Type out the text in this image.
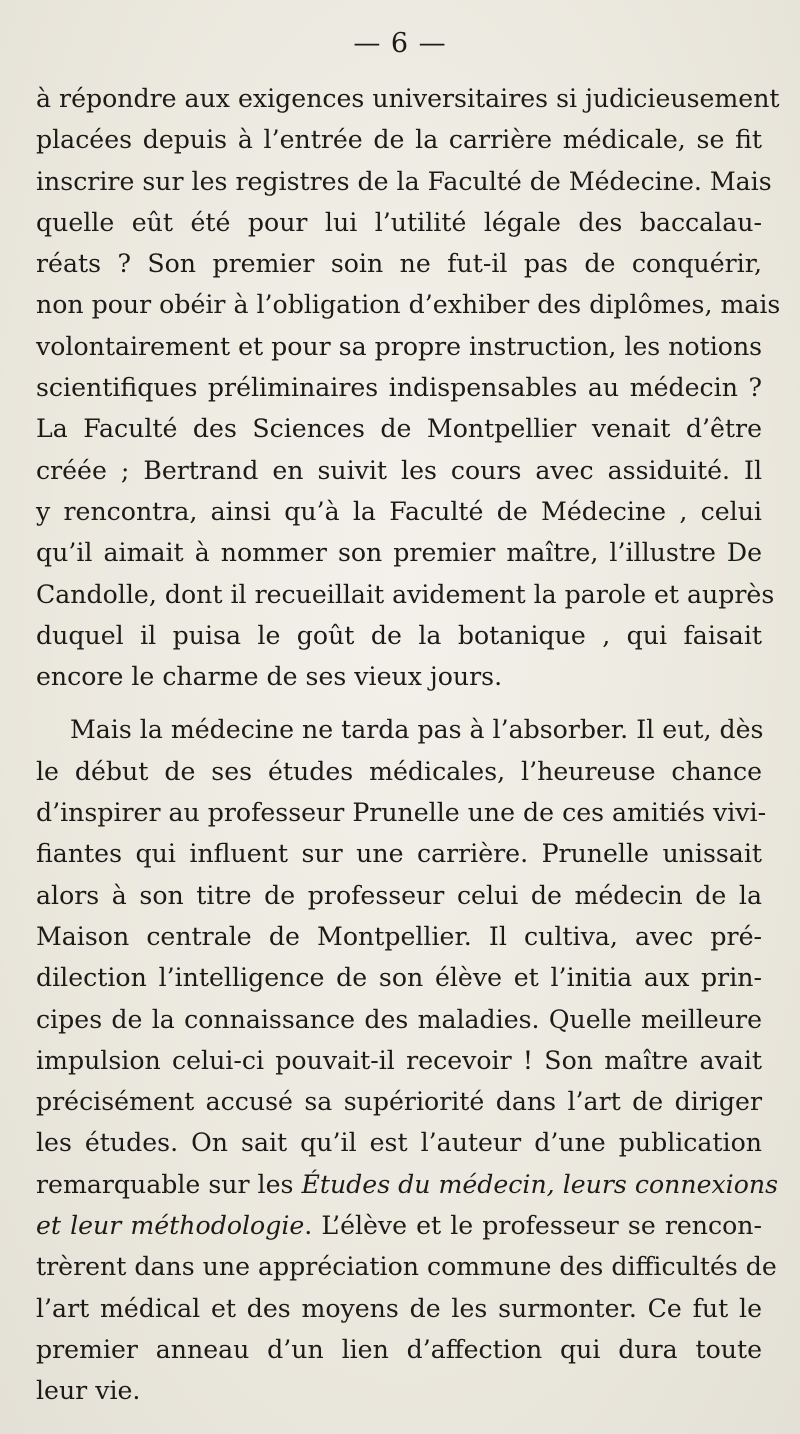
— 6 —
à répondre aux exigences universitaires si judicieusement
placées depuis à l’entrée de la carrière médicale, se fit
inscrire sur les registres de la Faculté de Médecine. Mais
quelle eût été pour lui l’utilité légale des baccalau-
réats ? Son premier soin ne fut-il pas de conquérir,
non pour obéir à l’obligation d’exhiber des diplômes, mais
volontairement et pour sa propre instruction, les notions
scientifiques préliminaires indispensables au médecin ?
La Faculté des Sciences de Montpellier venait d’être
créée ; Bertrand en suivit les cours avec assiduité. Il
y rencontra, ainsi qu’à la Faculté de Médecine , celui
qu’il aimait à nommer son premier maître, l’illustre De
Candolle, dont il recueillait avidement la parole et auprès
duquel il puisa le goût de la botanique , qui faisait
encore le charme de ses vieux jours.
Mais la médecine ne tarda pas à l’absorber. Il eut, dès
le début de ses études médicales, l’heureuse chance
d’inspirer au professeur Prunelle une de ces amitiés vivi-
fiantes qui influent sur une carrière. Prunelle unissait
alors à son titre de professeur celui de médecin de la
Maison centrale de Montpellier. Il cultiva, avec pré-
dilection l’intelligence de son élève et l’initia aux prin-
cipes de la connaissance des maladies. Quelle meilleure
impulsion celui-ci pouvait-il recevoir ! Son maître avait
précisément accusé sa supériorité dans l’art de diriger
les études. On sait qu’il est l’auteur d’une publication
remarquable sur les Études du médecin, leurs connexions
et leur méthodologie. L’élève et le professeur se rencon-
trèrent dans une appréciation commune des difficultés de
l’art médical et des moyens de les surmonter. Ce fut le
premier anneau d’un lien d’affection qui dura toute
leur vie.
